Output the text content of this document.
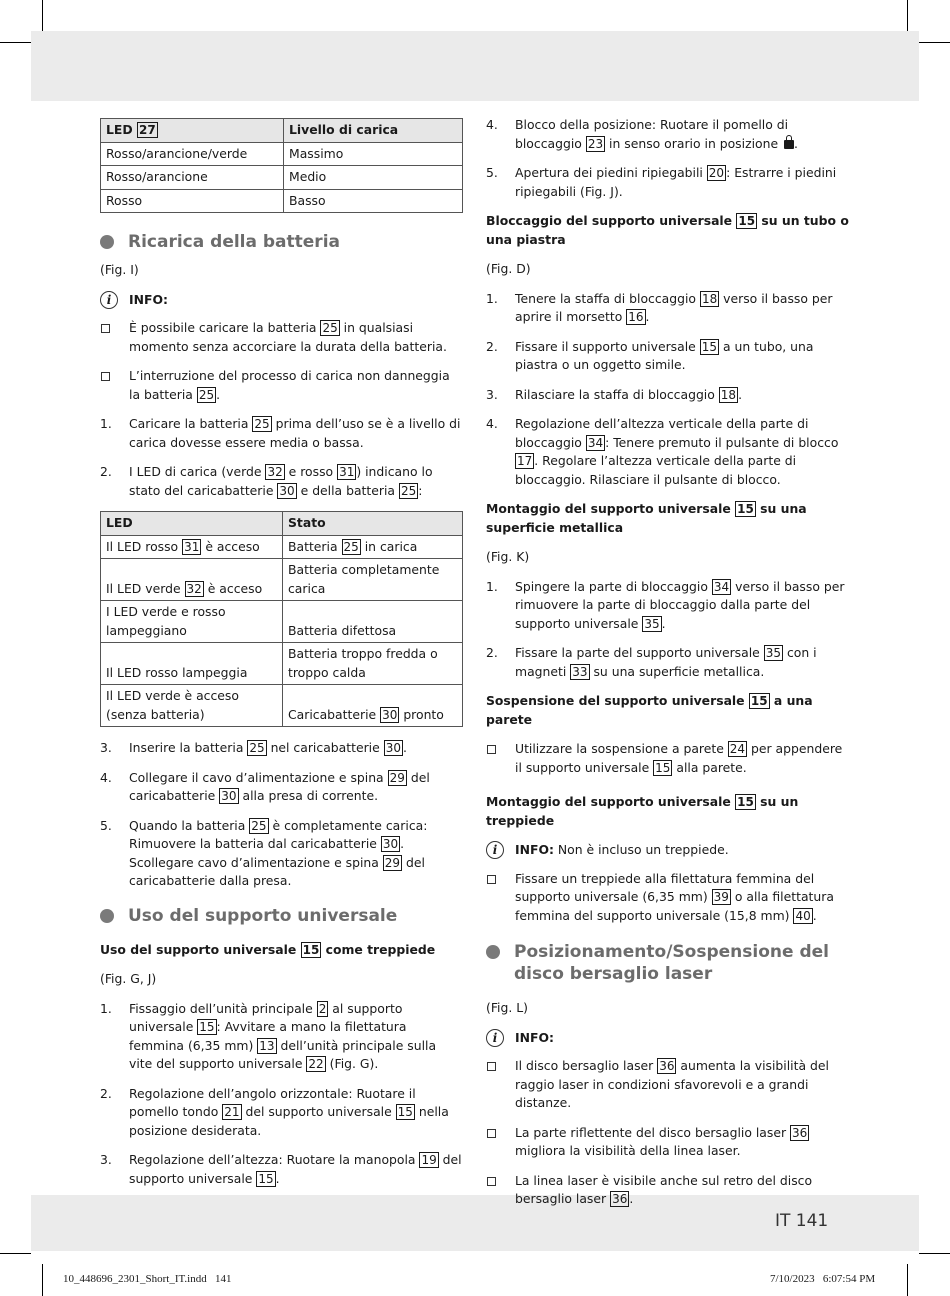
LED 27	Livello di carica
Rosso/arancione/verde	Massimo
Rosso/arancione	Medio
Rosso	Basso
Ricarica della batteria

(Fig. I)

i	INFO:
È possibile caricare la batteria 25 in qualsiasi momento senza accorciare la durata della batteria.
L’interruzione del processo di carica non danneggia la batteria 25 .
1.	Caricare la batteria 25 prima dell’uso se è a livello di carica dovesse essere media o bassa.
2.	I LED di carica (verde 32 e rosso 31 ) indicano lo stato del caricabatterie 30 e della batteria 25 :
LED	Stato
Il LED rosso 31 è acceso	Batteria 25 in carica
Il LED verde 32 è acceso	Batteria completamente carica
I LED verde e rosso lampeggiano	Batteria difettosa
Il LED rosso lampeggia	Batteria troppo fredda o troppo calda
Il LED verde è acceso (senza batteria)	Caricabatterie 30 pronto
3.	Inserire la batteria 25 nel caricabatterie 30 .
4.	Collegare il cavo d’alimentazione e spina 29 del caricabatterie 30 alla presa di corrente.
5.	Quando la batteria 25 è completamente carica: Rimuovere la batteria dal caricabatterie 30 . Scollegare cavo d’alimentazione e spina 29 del caricabatterie dalla presa.
Uso del supporto universale

Uso del supporto universale 15 come treppiede

(Fig. G, J)

1.	Fissaggio dell’unità principale 2 al supporto universale 15 : Avvitare a mano la filettatura femmina (6,35 mm) 13 dell’unità principale sulla vite del supporto universale 22 (Fig. G).
2.	Regolazione dell’angolo orizzontale: Ruotare il pomello tondo 21 del supporto universale 15 nella posizione desiderata.
3.	Regolazione dell’altezza: Ruotare la manopola 19 del supporto universale 15 .
4.	Blocco della posizione: Ruotare il pomello di bloccaggio 23 in senso orario in posizione .
5.	Apertura dei piedini ripiegabili 20 : Estrarre i piedini ripiegabili (Fig. J).

Bloccaggio del supporto universale 15 su un tubo o una piastra

(Fig. D)

1.	Tenere la staffa di bloccaggio 18 verso il basso per aprire il morsetto 16 .
2.	Fissare il supporto universale 15 a un tubo, una piastra o un oggetto simile.
3.	Rilasciare la staffa di bloccaggio 18 .
4.	Regolazione dell’altezza verticale della parte di bloccaggio 34 : Tenere premuto il pulsante di blocco 17 . Regolare l’altezza verticale della parte di bloccaggio. Rilasciare il pulsante di blocco.

Montaggio del supporto universale 15 su una superficie metallica

(Fig. K)

1.	Spingere la parte di bloccaggio 34 verso il basso per rimuovere la parte di bloccaggio dalla parte del supporto universale 35 .
2.	Fissare la parte del supporto universale 35 con i magneti 33 su una superficie metallica.

Sospensione del supporto universale 15 a una parete

Utilizzare la sospensione a parete 24 per appendere il supporto universale 15 alla parete.

Montaggio del supporto universale 15 su un treppiede

i	INFO: Non è incluso un treppiede.
Fissare un treppiede alla filettatura femmina del supporto universale (6,35 mm) 39 o alla filettatura femmina del supporto universale (15,8 mm) 40 .
Posizionamento/Sospensione del disco bersaglio laser

(Fig. L)

i	INFO:
Il disco bersaglio laser 36 aumenta la visibilità del raggio laser in condizioni sfavorevoli e a grandi distanze.
La parte riflettente del disco bersaglio laser 36 migliora la visibilità della linea laser.
La linea laser è visibile anche sul retro del disco bersaglio laser 36 .
IT 141
10_448696_2301_Short_IT.indd   141	7/10/2023   6:07:54 PM
